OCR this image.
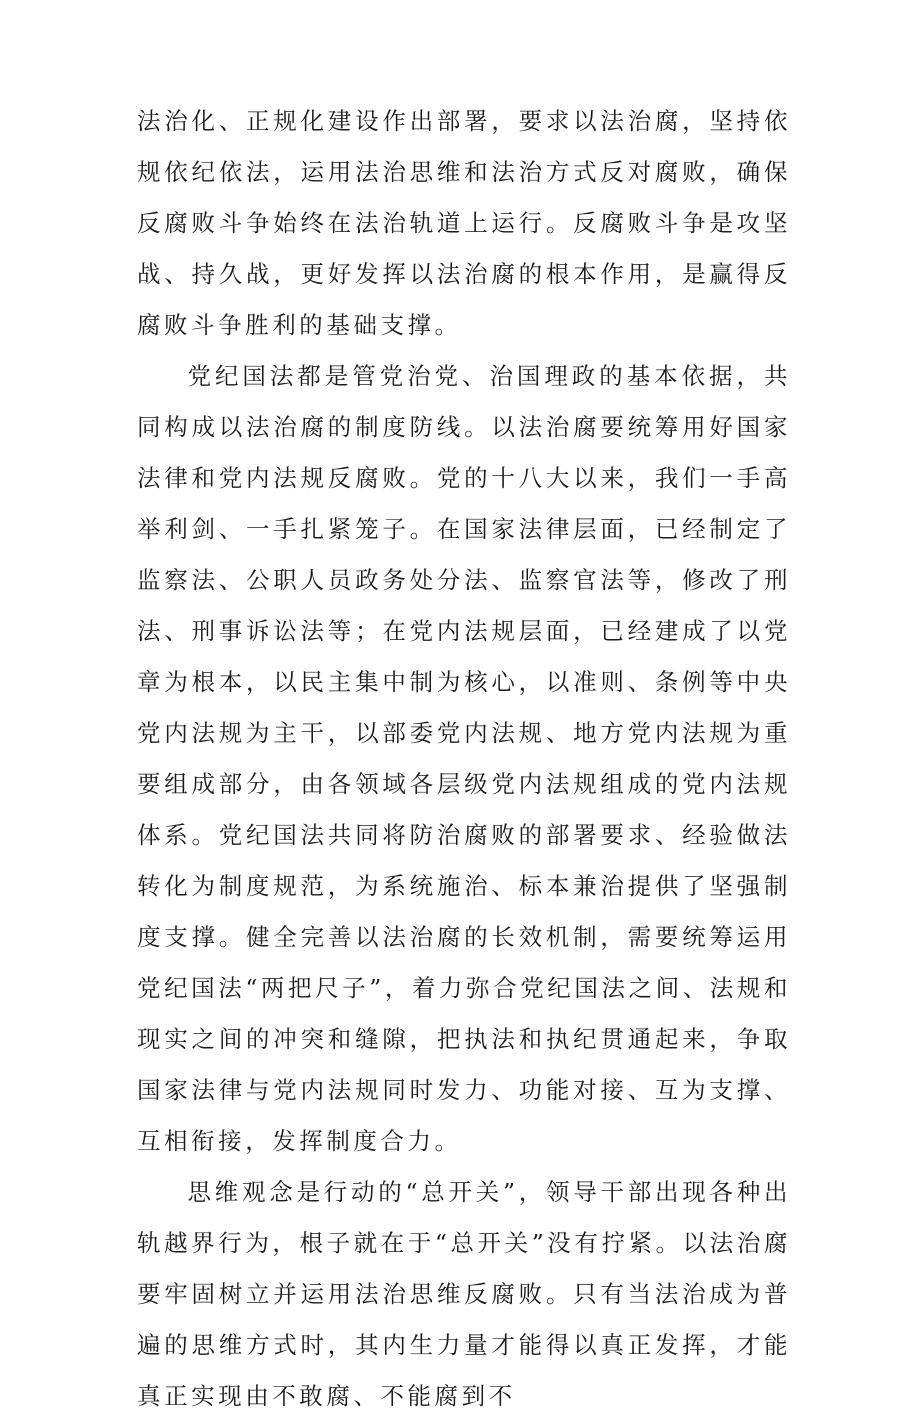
法治化、正规化建设作出部署，要求以法治腐，坚持依规依纪依法，运用法治思维和法治方式反对腐败，确保反腐败斗争始终在法治轨道上运行。反腐败斗争是攻坚战、持久战，更好发挥以法治腐的根本作用，是赢得反腐败斗争胜利的基础支撑。

党纪国法都是管党治党、治国理政的基本依据，共同构成以法治腐的制度防线。以法治腐要统筹用好国家法律和党内法规反腐败。党的十八大以来，我们一手高举利剑、一手扎紧笼子。在国家法律层面，已经制定了监察法、公职人员政务处分法、监察官法等，修改了刑法、刑事诉讼法等；在党内法规层面，已经建成了以党章为根本，以民主集中制为核心，以准则、条例等中央党内法规为主干，以部委党内法规、地方党内法规为重要组成部分，由各领域各层级党内法规组成的党内法规体系。党纪国法共同将防治腐败的部署要求、经验做法转化为制度规范，为系统施治、标本兼治提供了坚强制度支撑。健全完善以法治腐的长效机制，需要统筹运用党纪国法“两把尺子”，着力弥合党纪国法之间、法规和现实之间的冲突和缝隙，把执法和执纪贯通起来，争取国家法律与党内法规同时发力、功能对接、互为支撑、互相衔接，发挥制度合力。

思维观念是行动的“总开关”，领导干部出现各种出轨越界行为，根子就在于“总开关”没有拧紧。以法治腐要牢固树立并运用法治思维反腐败。只有当法治成为普遍的思维方式时，其内生力量才能得以真正发挥，才能真正实现由不敢腐、不能腐到不
